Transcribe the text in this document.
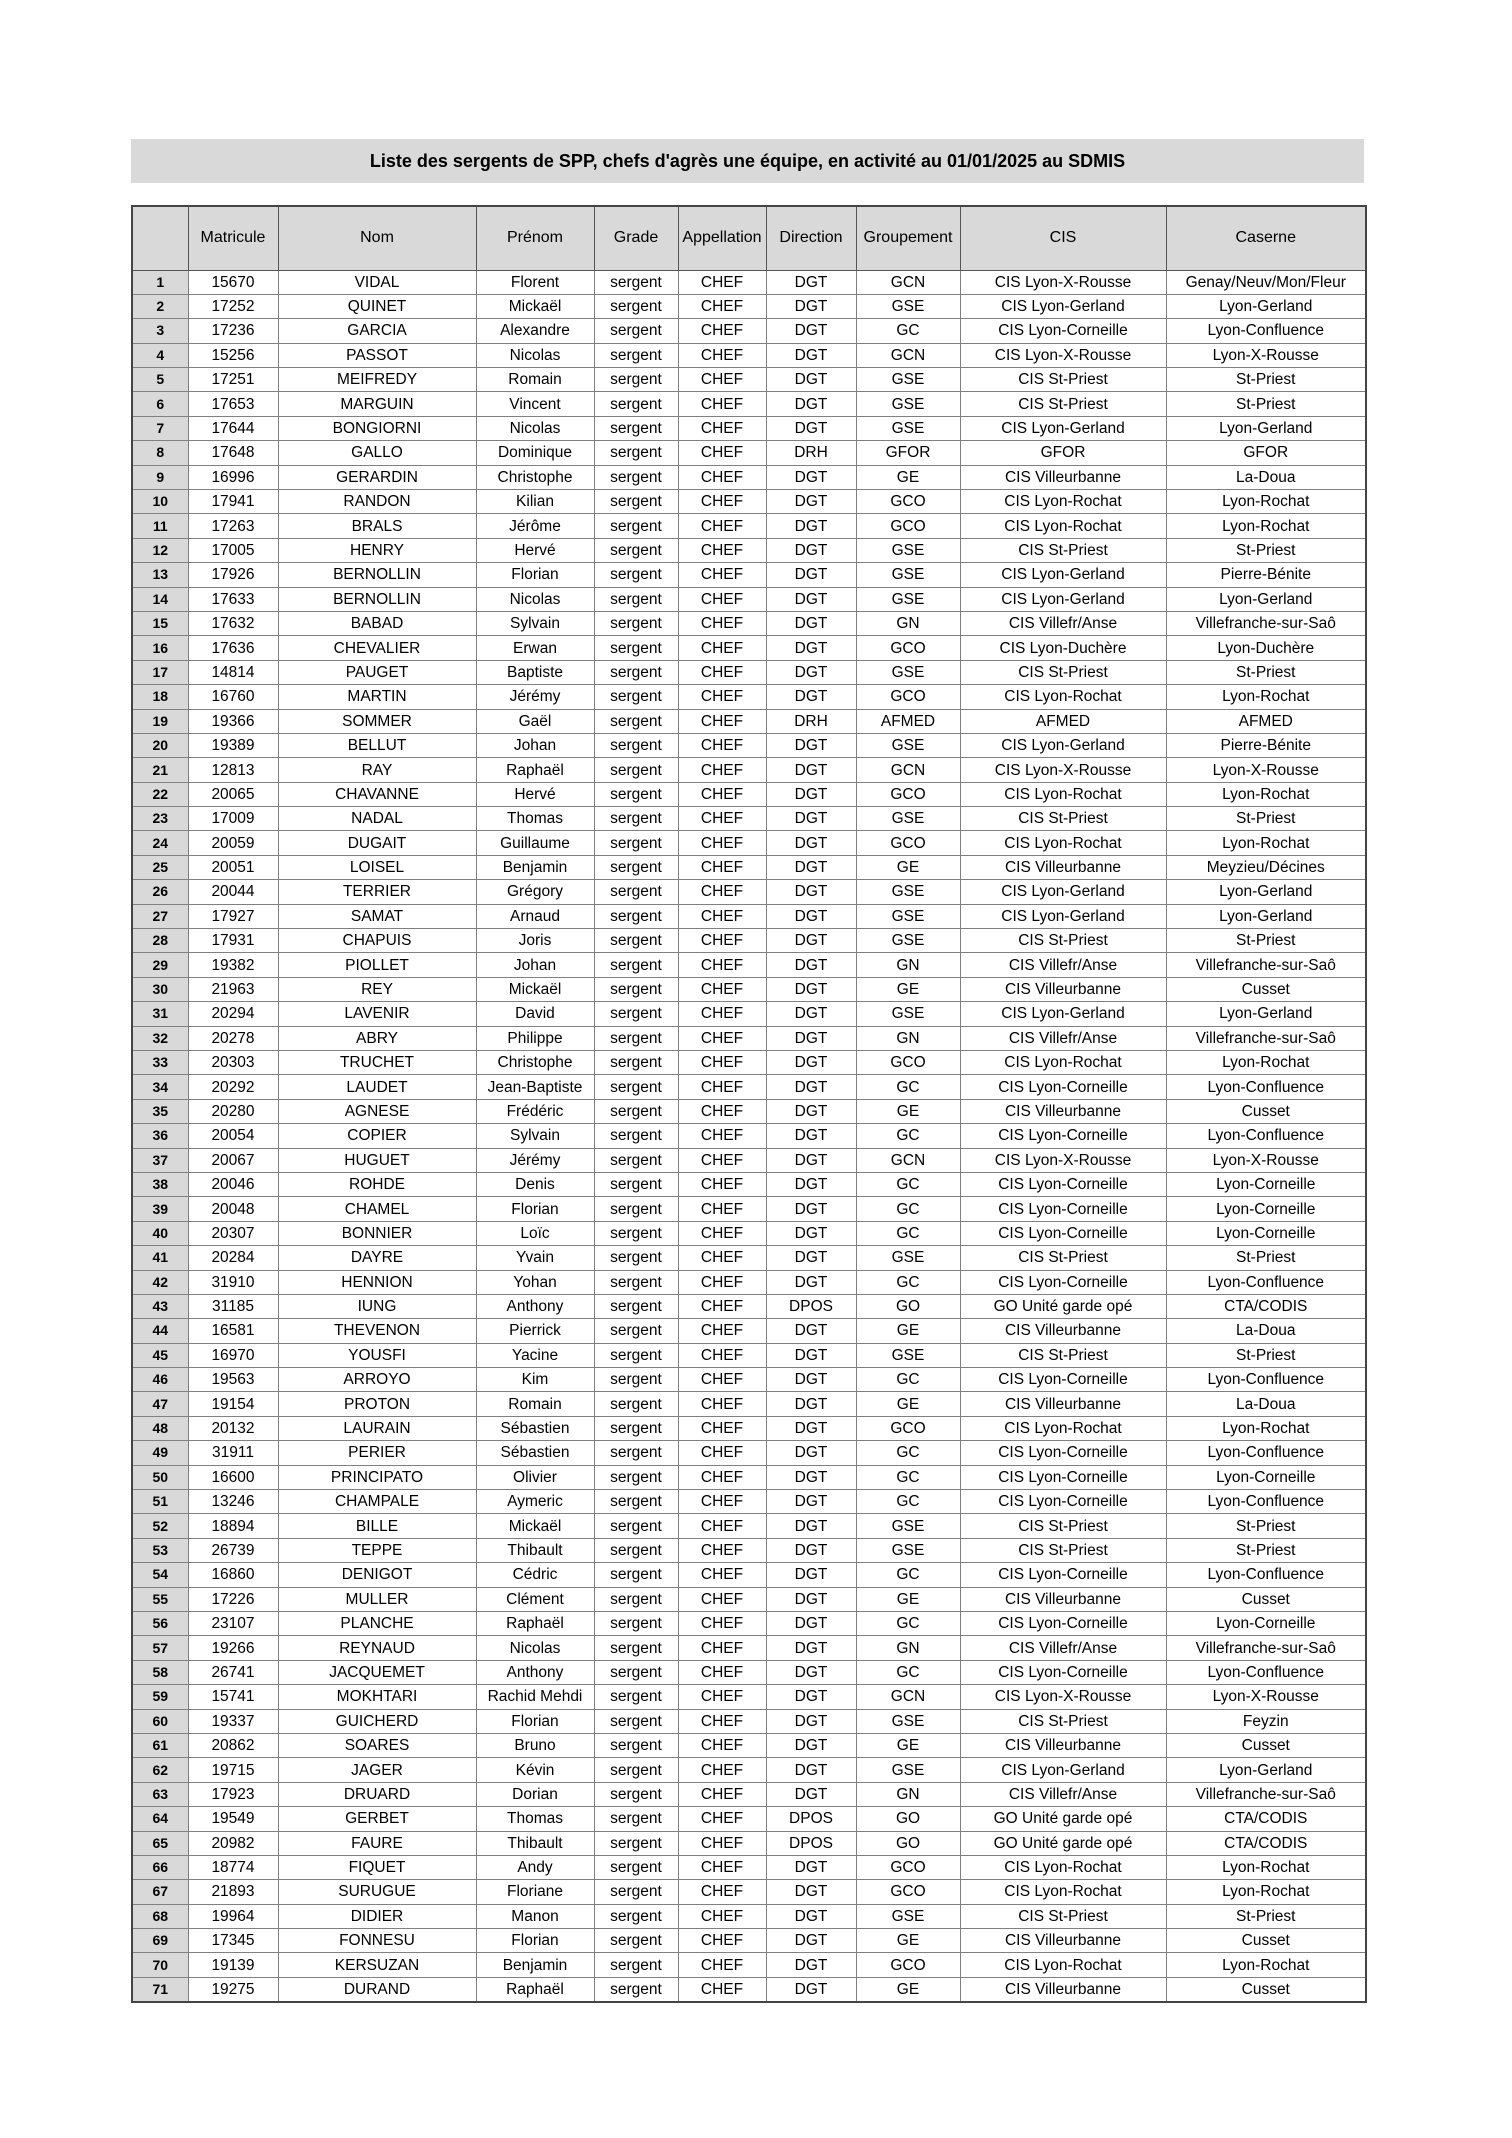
Liste des sergents de SPP, chefs d'agrès une équipe, en activité au 01/01/2025 au SDMIS
	Matricule	Nom	Prénom	Grade	Appellation	Direction	Groupement	CIS	Caserne
1	15670	VIDAL	Florent	sergent	CHEF	DGT	GCN	CIS Lyon-X-Rousse	Genay/Neuv/Mon/Fleur
2	17252	QUINET	Mickaël	sergent	CHEF	DGT	GSE	CIS Lyon-Gerland	Lyon-Gerland
3	17236	GARCIA	Alexandre	sergent	CHEF	DGT	GC	CIS Lyon-Corneille	Lyon-Confluence
4	15256	PASSOT	Nicolas	sergent	CHEF	DGT	GCN	CIS Lyon-X-Rousse	Lyon-X-Rousse
5	17251	MEIFREDY	Romain	sergent	CHEF	DGT	GSE	CIS St-Priest	St-Priest
6	17653	MARGUIN	Vincent	sergent	CHEF	DGT	GSE	CIS St-Priest	St-Priest
7	17644	BONGIORNI	Nicolas	sergent	CHEF	DGT	GSE	CIS Lyon-Gerland	Lyon-Gerland
8	17648	GALLO	Dominique	sergent	CHEF	DRH	GFOR	GFOR	GFOR
9	16996	GERARDIN	Christophe	sergent	CHEF	DGT	GE	CIS Villeurbanne	La-Doua
10	17941	RANDON	Kilian	sergent	CHEF	DGT	GCO	CIS Lyon-Rochat	Lyon-Rochat
11	17263	BRALS	Jérôme	sergent	CHEF	DGT	GCO	CIS Lyon-Rochat	Lyon-Rochat
12	17005	HENRY	Hervé	sergent	CHEF	DGT	GSE	CIS St-Priest	St-Priest
13	17926	BERNOLLIN	Florian	sergent	CHEF	DGT	GSE	CIS Lyon-Gerland	Pierre-Bénite
14	17633	BERNOLLIN	Nicolas	sergent	CHEF	DGT	GSE	CIS Lyon-Gerland	Lyon-Gerland
15	17632	BABAD	Sylvain	sergent	CHEF	DGT	GN	CIS Villefr/Anse	Villefranche-sur-Saô
16	17636	CHEVALIER	Erwan	sergent	CHEF	DGT	GCO	CIS Lyon-Duchère	Lyon-Duchère
17	14814	PAUGET	Baptiste	sergent	CHEF	DGT	GSE	CIS St-Priest	St-Priest
18	16760	MARTIN	Jérémy	sergent	CHEF	DGT	GCO	CIS Lyon-Rochat	Lyon-Rochat
19	19366	SOMMER	Gaël	sergent	CHEF	DRH	AFMED	AFMED	AFMED
20	19389	BELLUT	Johan	sergent	CHEF	DGT	GSE	CIS Lyon-Gerland	Pierre-Bénite
21	12813	RAY	Raphaël	sergent	CHEF	DGT	GCN	CIS Lyon-X-Rousse	Lyon-X-Rousse
22	20065	CHAVANNE	Hervé	sergent	CHEF	DGT	GCO	CIS Lyon-Rochat	Lyon-Rochat
23	17009	NADAL	Thomas	sergent	CHEF	DGT	GSE	CIS St-Priest	St-Priest
24	20059	DUGAIT	Guillaume	sergent	CHEF	DGT	GCO	CIS Lyon-Rochat	Lyon-Rochat
25	20051	LOISEL	Benjamin	sergent	CHEF	DGT	GE	CIS Villeurbanne	Meyzieu/Décines
26	20044	TERRIER	Grégory	sergent	CHEF	DGT	GSE	CIS Lyon-Gerland	Lyon-Gerland
27	17927	SAMAT	Arnaud	sergent	CHEF	DGT	GSE	CIS Lyon-Gerland	Lyon-Gerland
28	17931	CHAPUIS	Joris	sergent	CHEF	DGT	GSE	CIS St-Priest	St-Priest
29	19382	PIOLLET	Johan	sergent	CHEF	DGT	GN	CIS Villefr/Anse	Villefranche-sur-Saô
30	21963	REY	Mickaël	sergent	CHEF	DGT	GE	CIS Villeurbanne	Cusset
31	20294	LAVENIR	David	sergent	CHEF	DGT	GSE	CIS Lyon-Gerland	Lyon-Gerland
32	20278	ABRY	Philippe	sergent	CHEF	DGT	GN	CIS Villefr/Anse	Villefranche-sur-Saô
33	20303	TRUCHET	Christophe	sergent	CHEF	DGT	GCO	CIS Lyon-Rochat	Lyon-Rochat
34	20292	LAUDET	Jean-Baptiste	sergent	CHEF	DGT	GC	CIS Lyon-Corneille	Lyon-Confluence
35	20280	AGNESE	Frédéric	sergent	CHEF	DGT	GE	CIS Villeurbanne	Cusset
36	20054	COPIER	Sylvain	sergent	CHEF	DGT	GC	CIS Lyon-Corneille	Lyon-Confluence
37	20067	HUGUET	Jérémy	sergent	CHEF	DGT	GCN	CIS Lyon-X-Rousse	Lyon-X-Rousse
38	20046	ROHDE	Denis	sergent	CHEF	DGT	GC	CIS Lyon-Corneille	Lyon-Corneille
39	20048	CHAMEL	Florian	sergent	CHEF	DGT	GC	CIS Lyon-Corneille	Lyon-Corneille
40	20307	BONNIER	Loïc	sergent	CHEF	DGT	GC	CIS Lyon-Corneille	Lyon-Corneille
41	20284	DAYRE	Yvain	sergent	CHEF	DGT	GSE	CIS St-Priest	St-Priest
42	31910	HENNION	Yohan	sergent	CHEF	DGT	GC	CIS Lyon-Corneille	Lyon-Confluence
43	31185	IUNG	Anthony	sergent	CHEF	DPOS	GO	GO Unité garde opé	CTA/CODIS
44	16581	THEVENON	Pierrick	sergent	CHEF	DGT	GE	CIS Villeurbanne	La-Doua
45	16970	YOUSFI	Yacine	sergent	CHEF	DGT	GSE	CIS St-Priest	St-Priest
46	19563	ARROYO	Kim	sergent	CHEF	DGT	GC	CIS Lyon-Corneille	Lyon-Confluence
47	19154	PROTON	Romain	sergent	CHEF	DGT	GE	CIS Villeurbanne	La-Doua
48	20132	LAURAIN	Sébastien	sergent	CHEF	DGT	GCO	CIS Lyon-Rochat	Lyon-Rochat
49	31911	PERIER	Sébastien	sergent	CHEF	DGT	GC	CIS Lyon-Corneille	Lyon-Confluence
50	16600	PRINCIPATO	Olivier	sergent	CHEF	DGT	GC	CIS Lyon-Corneille	Lyon-Corneille
51	13246	CHAMPALE	Aymeric	sergent	CHEF	DGT	GC	CIS Lyon-Corneille	Lyon-Confluence
52	18894	BILLE	Mickaël	sergent	CHEF	DGT	GSE	CIS St-Priest	St-Priest
53	26739	TEPPE	Thibault	sergent	CHEF	DGT	GSE	CIS St-Priest	St-Priest
54	16860	DENIGOT	Cédric	sergent	CHEF	DGT	GC	CIS Lyon-Corneille	Lyon-Confluence
55	17226	MULLER	Clément	sergent	CHEF	DGT	GE	CIS Villeurbanne	Cusset
56	23107	PLANCHE	Raphaël	sergent	CHEF	DGT	GC	CIS Lyon-Corneille	Lyon-Corneille
57	19266	REYNAUD	Nicolas	sergent	CHEF	DGT	GN	CIS Villefr/Anse	Villefranche-sur-Saô
58	26741	JACQUEMET	Anthony	sergent	CHEF	DGT	GC	CIS Lyon-Corneille	Lyon-Confluence
59	15741	MOKHTARI	Rachid Mehdi	sergent	CHEF	DGT	GCN	CIS Lyon-X-Rousse	Lyon-X-Rousse
60	19337	GUICHERD	Florian	sergent	CHEF	DGT	GSE	CIS St-Priest	Feyzin
61	20862	SOARES	Bruno	sergent	CHEF	DGT	GE	CIS Villeurbanne	Cusset
62	19715	JAGER	Kévin	sergent	CHEF	DGT	GSE	CIS Lyon-Gerland	Lyon-Gerland
63	17923	DRUARD	Dorian	sergent	CHEF	DGT	GN	CIS Villefr/Anse	Villefranche-sur-Saô
64	19549	GERBET	Thomas	sergent	CHEF	DPOS	GO	GO Unité garde opé	CTA/CODIS
65	20982	FAURE	Thibault	sergent	CHEF	DPOS	GO	GO Unité garde opé	CTA/CODIS
66	18774	FIQUET	Andy	sergent	CHEF	DGT	GCO	CIS Lyon-Rochat	Lyon-Rochat
67	21893	SURUGUE	Floriane	sergent	CHEF	DGT	GCO	CIS Lyon-Rochat	Lyon-Rochat
68	19964	DIDIER	Manon	sergent	CHEF	DGT	GSE	CIS St-Priest	St-Priest
69	17345	FONNESU	Florian	sergent	CHEF	DGT	GE	CIS Villeurbanne	Cusset
70	19139	KERSUZAN	Benjamin	sergent	CHEF	DGT	GCO	CIS Lyon-Rochat	Lyon-Rochat
71	19275	DURAND	Raphaël	sergent	CHEF	DGT	GE	CIS Villeurbanne	Cusset
